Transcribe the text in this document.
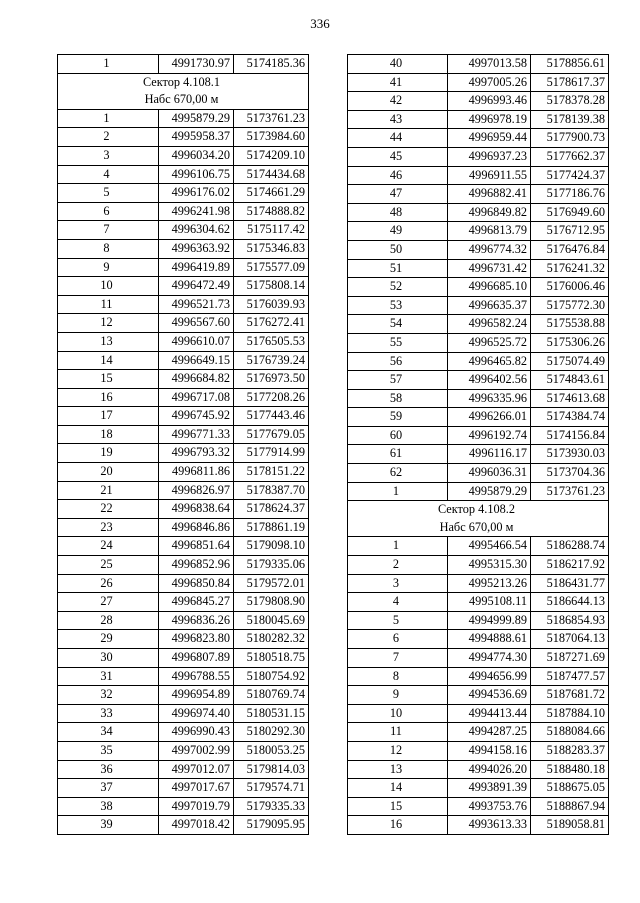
336
1	4991730.97	5174185.36

Сектор 4.108.1
Набс 670,00 м		

1	4995879.29	5173761.23
2	4995958.37	5173984.60
3	4996034.20	5174209.10
4	4996106.75	5174434.68
5	4996176.02	5174661.29
6	4996241.98	5174888.82
7	4996304.62	5175117.42
8	4996363.92	5175346.83
9	4996419.89	5175577.09
10	4996472.49	5175808.14
11	4996521.73	5176039.93
12	4996567.60	5176272.41
13	4996610.07	5176505.53
14	4996649.15	5176739.24
15	4996684.82	5176973.50
16	4996717.08	5177208.26
17	4996745.92	5177443.46
18	4996771.33	5177679.05
19	4996793.32	5177914.99
20	4996811.86	5178151.22
21	4996826.97	5178387.70
22	4996838.64	5178624.37
23	4996846.86	5178861.19
24	4996851.64	5179098.10
25	4996852.96	5179335.06
26	4996850.84	5179572.01
27	4996845.27	5179808.90
28	4996836.26	5180045.69
29	4996823.80	5180282.32
30	4996807.89	5180518.75
31	4996788.55	5180754.92
32	4996954.89	5180769.74
33	4996974.40	5180531.15
34	4996990.43	5180292.30
35	4997002.99	5180053.25
36	4997012.07	5179814.03
37	4997017.67	5179574.71
38	4997019.79	5179335.33
39	4997018.42	5179095.95
40	4997013.58	5178856.61
41	4997005.26	5178617.37
42	4996993.46	5178378.28
43	4996978.19	5178139.38
44	4996959.44	5177900.73
45	4996937.23	5177662.37
46	4996911.55	5177424.37
47	4996882.41	5177186.76
48	4996849.82	5176949.60
49	4996813.79	5176712.95
50	4996774.32	5176476.84
51	4996731.42	5176241.32
52	4996685.10	5176006.46
53	4996635.37	5175772.30
54	4996582.24	5175538.88
55	4996525.72	5175306.26
56	4996465.82	5175074.49
57	4996402.56	5174843.61
58	4996335.96	5174613.68
59	4996266.01	5174384.74
60	4996192.74	5174156.84
61	4996116.17	5173930.03
62	4996036.31	5173704.36
1	4995879.29	5173761.23

Сектор 4.108.2
Набс 670,00 м		

1	4995466.54	5186288.74
2	4995315.30	5186217.92
3	4995213.26	5186431.77
4	4995108.11	5186644.13
5	4994999.89	5186854.93
6	4994888.61	5187064.13
7	4994774.30	5187271.69
8	4994656.99	5187477.57
9	4994536.69	5187681.72
10	4994413.44	5187884.10
11	4994287.25	5188084.66
12	4994158.16	5188283.37
13	4994026.20	5188480.18
14	4993891.39	5188675.05
15	4993753.76	5188867.94
16	4993613.33	5189058.81
